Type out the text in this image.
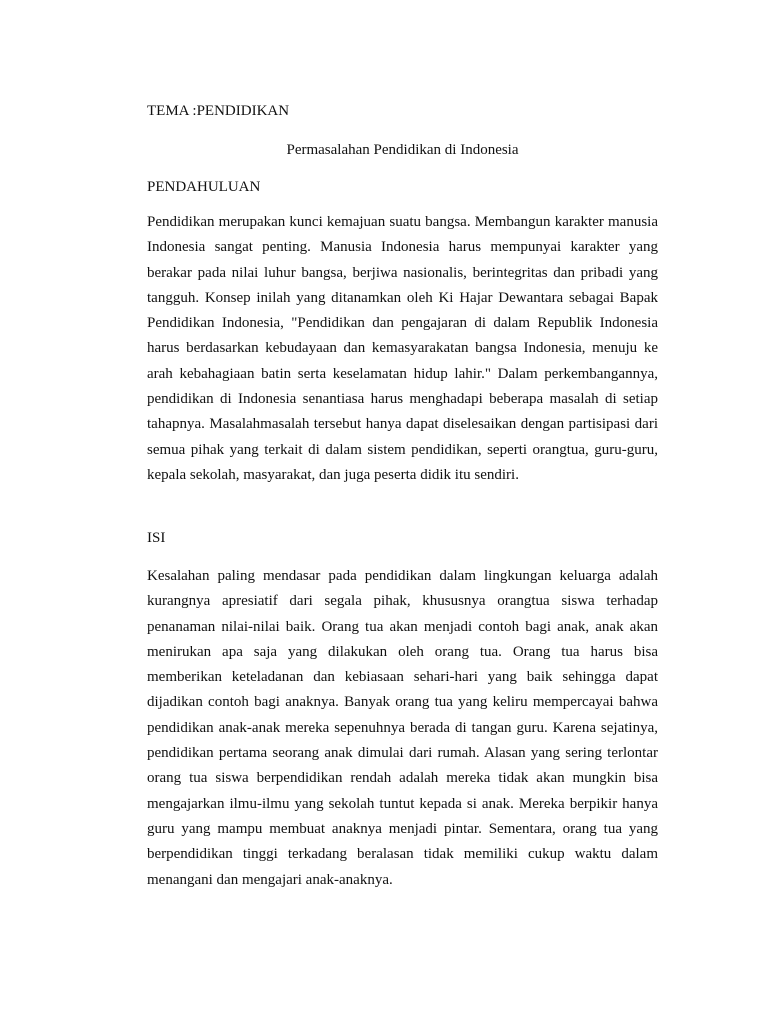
TEMA :PENDIDIKAN

Permasalahan Pendidikan di Indonesia

PENDAHULUAN

Pendidikan merupakan kunci kemajuan suatu bangsa. Membangun karakter manusia Indonesia sangat penting. Manusia Indonesia harus mempunyai karakter yang berakar pada nilai luhur bangsa, berjiwa nasionalis, berintegritas dan pribadi yang tangguh. Konsep inilah yang ditanamkan oleh Ki Hajar Dewantara sebagai Bapak Pendidikan Indonesia, "Pendidikan dan pengajaran di dalam Republik Indonesia harus berdasarkan kebudayaan dan kemasyarakatan bangsa Indonesia, menuju ke arah kebahagiaan batin serta keselamatan hidup lahir." Dalam perkembangannya, pendidikan di Indonesia senantiasa harus menghadapi beberapa masalah di setiap tahapnya. Masalahmasalah tersebut hanya dapat diselesaikan dengan partisipasi dari semua pihak yang terkait di dalam sistem pendidikan, seperti orangtua, guru-guru, kepala sekolah, masyarakat, dan juga peserta didik itu sendiri.

ISI

Kesalahan paling mendasar pada pendidikan dalam lingkungan keluarga adalah kurangnya apresiatif dari segala pihak, khususnya orangtua siswa terhadap penanaman nilai-nilai baik. Orang tua akan menjadi contoh bagi anak, anak akan menirukan apa saja yang dilakukan oleh orang tua. Orang tua harus bisa memberikan keteladanan dan kebiasaan sehari-hari yang baik sehingga dapat dijadikan contoh bagi anaknya. Banyak orang tua yang keliru mempercayai bahwa pendidikan anak-anak mereka sepenuhnya berada di tangan guru. Karena sejatinya, pendidikan pertama seorang anak dimulai dari rumah. Alasan yang sering terlontar orang tua siswa berpendidikan rendah adalah mereka tidak akan mungkin bisa mengajarkan ilmu-ilmu yang sekolah tuntut kepada si anak. Mereka berpikir hanya guru yang mampu membuat anaknya menjadi pintar. Sementara, orang tua yang berpendidikan tinggi terkadang beralasan tidak memiliki cukup waktu dalam menangani dan mengajari anak-anaknya.
